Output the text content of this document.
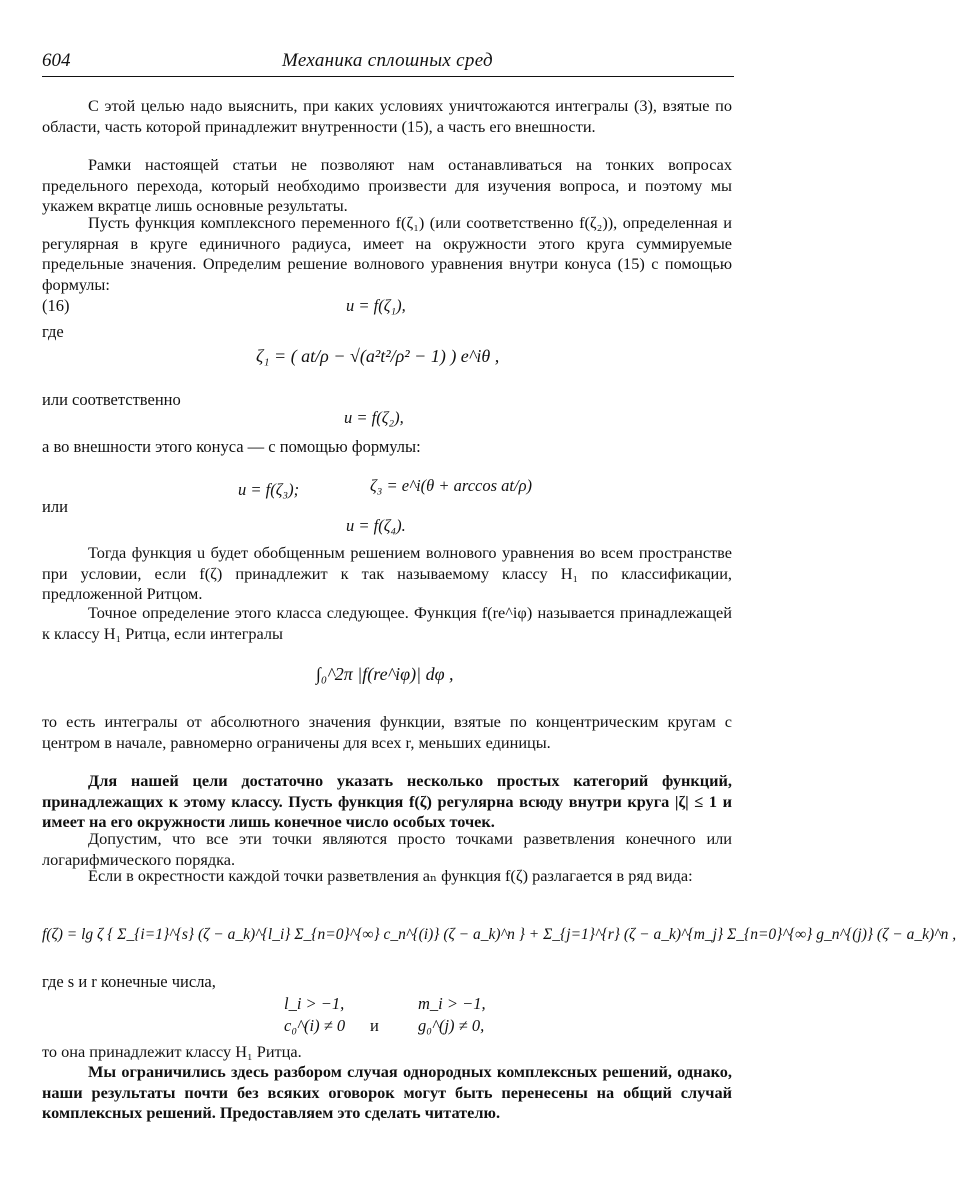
604	Механика сплошных сред

С этой целью надо выяснить, при каких условиях уничтожаются интегралы (3), взятые по области, часть которой принадлежит внутренности (15), а часть его внешности.

Рамки настоящей статьи не позволяют нам останавливаться на тонких вопросах предельного перехода, который необходимо произвести для изучения вопроса, и поэтому мы укажем вкратце лишь основные результаты.

Пусть функция комплексного переменного f(ζ₁) (или соответственно f(ζ₂)), определенная и регулярная в круге единичного радиуса, имеет на окружности этого круга суммируемые предельные значения. Определим решение волнового уравнения внутри конуса (15) с помощью формулы:

(16)	u = f(ζ₁),
где
ζ₁ = ( at/ρ − √(a²t²/ρ² − 1) ) e^iθ ,
или соответственно
u = f(ζ₂),
а во внешности этого конуса — с помощью формулы:
u = f(ζ₃);	ζ₃ = e^i(θ + arccos at/ρ)
или
u = f(ζ₄).

Тогда функция u будет обобщенным решением волнового уравнения во всем пространстве при условии, если f(ζ) принадлежит к так называемому классу H₁ по классификации, предложенной Ритцом.

Точное определение этого класса следующее. Функция f(re^iφ) называется принадлежащей к классу H₁ Ритца, если интегралы

∫₀^2π |f(re^iφ)| dφ ,

то есть интегралы от абсолютного значения функции, взятые по концентрическим кругам с центром в начале, равномерно ограничены для всех r, меньших единицы.

Для нашей цели достаточно указать несколько простых категорий функций, принадлежащих к этому классу. Пусть функция f(ζ) регулярна всюду внутри круга |ζ| ≤ 1 и имеет на его окружности лишь конечное число особых точек.

Допустим, что все эти точки являются просто точками разветвления конечного или логарифмического порядка.

Если в окрестности каждой точки разветвления aₙ функция f(ζ) разлагается в ряд вида:

f(ζ) = lg ζ { Σ_{i=1}^{s} (ζ − a_k)^{l_i} Σ_{n=0}^{∞} c_n^{(i)} (ζ − a_k)^n } + Σ_{j=1}^{r} (ζ − a_k)^{m_j} Σ_{n=0}^{∞} g_n^{(j)} (ζ − a_k)^n ,
где s и r конечные числа,
l_i > −1,	m_i > −1,
c₀^(i) ≠ 0 и g₀^(j) ≠ 0,

то она принадлежит классу H₁ Ритца.

Мы ограничились здесь разбором случая однородных комплексных решений, однако, наши результаты почти без всяких оговорок могут быть перенесены на общий случай комплексных решений. Предоставляем это сделать читателю.
